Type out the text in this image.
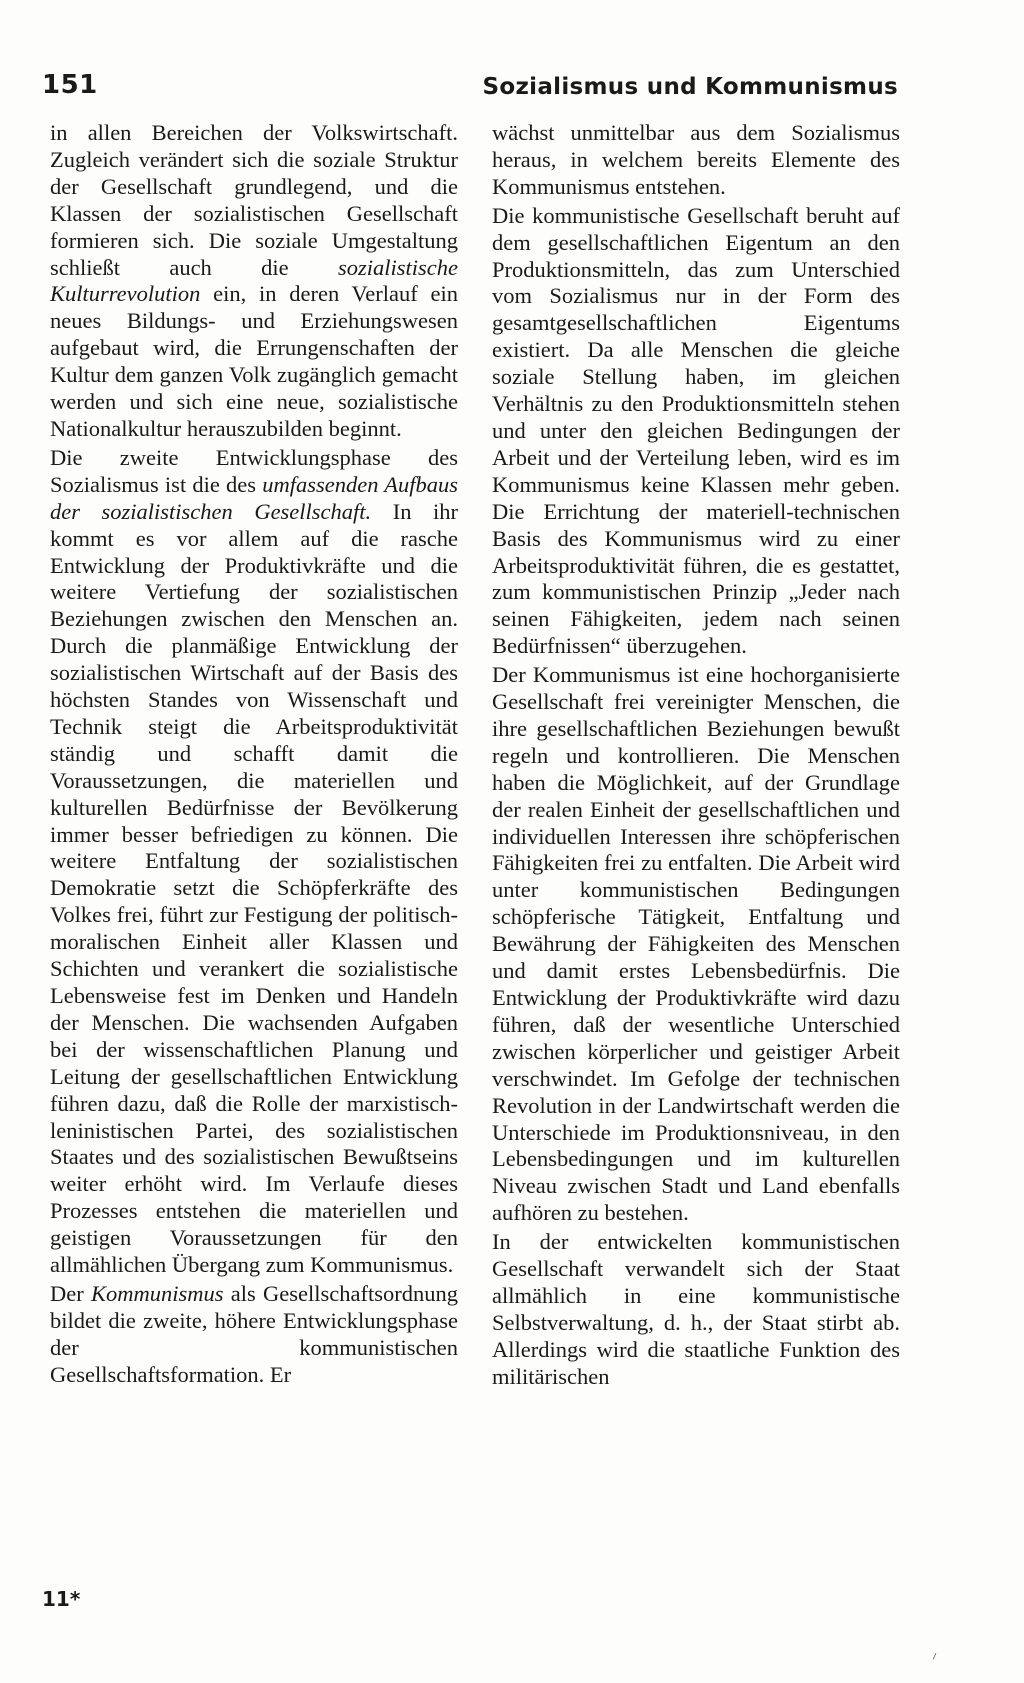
151	Sozialismus und Kommunismus

in allen Bereichen der Volkswirtschaft. Zugleich verändert sich die soziale Struktur der Gesellschaft grundlegend, und die Klassen der sozialistischen Gesellschaft formieren sich. Die soziale Umgestaltung schließt auch die sozialistische Kulturrevolution ein, in deren Verlauf ein neues Bildungs- und Erziehungswesen aufgebaut wird, die Errungenschaften der Kultur dem ganzen Volk zugänglich gemacht werden und sich eine neue, sozialistische Nationalkultur herauszubilden beginnt.

Die zweite Entwicklungsphase des Sozialismus ist die des umfassenden Aufbaus der sozialistischen Gesellschaft. In ihr kommt es vor allem auf die rasche Entwicklung der Produktivkräfte und die weitere Vertiefung der sozialistischen Beziehungen zwischen den Menschen an. Durch die planmäßige Entwicklung der sozialistischen Wirtschaft auf der Basis des höchsten Standes von Wissenschaft und Technik steigt die Arbeitsproduktivität ständig und schafft damit die Voraussetzungen, die materiellen und kulturellen Bedürfnisse der Bevölkerung immer besser befriedigen zu können. Die weitere Entfaltung der sozialistischen Demokratie setzt die Schöpferkräfte des Volkes frei, führt zur Festigung der politisch-moralischen Einheit aller Klassen und Schichten und verankert die sozialistische Lebensweise fest im Denken und Handeln der Menschen. Die wachsenden Aufgaben bei der wissenschaftlichen Planung und Leitung der gesellschaftlichen Entwicklung führen dazu, daß die Rolle der marxistisch-leninistischen Partei, des sozialistischen Staates und des sozialistischen Bewußtseins weiter erhöht wird. Im Verlaufe dieses Prozesses entstehen die materiellen und geistigen Voraussetzungen für den allmählichen Übergang zum Kommunismus.

Der Kommunismus als Gesellschaftsordnung bildet die zweite, höhere Entwicklungsphase der kommunistischen Gesellschaftsformation. Er

wächst unmittelbar aus dem Sozialismus heraus, in welchem bereits Elemente des Kommunismus entstehen.

Die kommunistische Gesellschaft beruht auf dem gesellschaftlichen Eigentum an den Produktionsmitteln, das zum Unterschied vom Sozialismus nur in der Form des gesamtgesellschaftlichen Eigentums existiert. Da alle Menschen die gleiche soziale Stellung haben, im gleichen Verhältnis zu den Produktionsmitteln stehen und unter den gleichen Bedingungen der Arbeit und der Verteilung leben, wird es im Kommunismus keine Klassen mehr geben. Die Errichtung der materiell-technischen Basis des Kommunismus wird zu einer Arbeitsproduktivität führen, die es gestattet, zum kommunistischen Prinzip „Jeder nach seinen Fähigkeiten, jedem nach seinen Bedürfnissen“ überzugehen.

Der Kommunismus ist eine hochorganisierte Gesellschaft frei vereinigter Menschen, die ihre gesellschaftlichen Beziehungen bewußt regeln und kontrollieren. Die Menschen haben die Möglichkeit, auf der Grundlage der realen Einheit der gesellschaftlichen und individuellen Interessen ihre schöpferischen Fähigkeiten frei zu entfalten. Die Arbeit wird unter kommunistischen Bedingungen schöpferische Tätigkeit, Entfaltung und Bewährung der Fähigkeiten des Menschen und damit erstes Lebensbedürfnis. Die Entwicklung der Produktivkräfte wird dazu führen, daß der wesentliche Unterschied zwischen körperlicher und geistiger Arbeit verschwindet. Im Gefolge der technischen Revolution in der Landwirtschaft werden die Unterschiede im Produktionsniveau, in den Lebensbedingungen und im kulturellen Niveau zwischen Stadt und Land ebenfalls aufhören zu bestehen.

In der entwickelten kommunistischen Gesellschaft verwandelt sich der Staat allmählich in eine kommunistische Selbstverwaltung, d. h., der Staat stirbt ab. Allerdings wird die staatliche Funktion des militärischen

11*
⸝
